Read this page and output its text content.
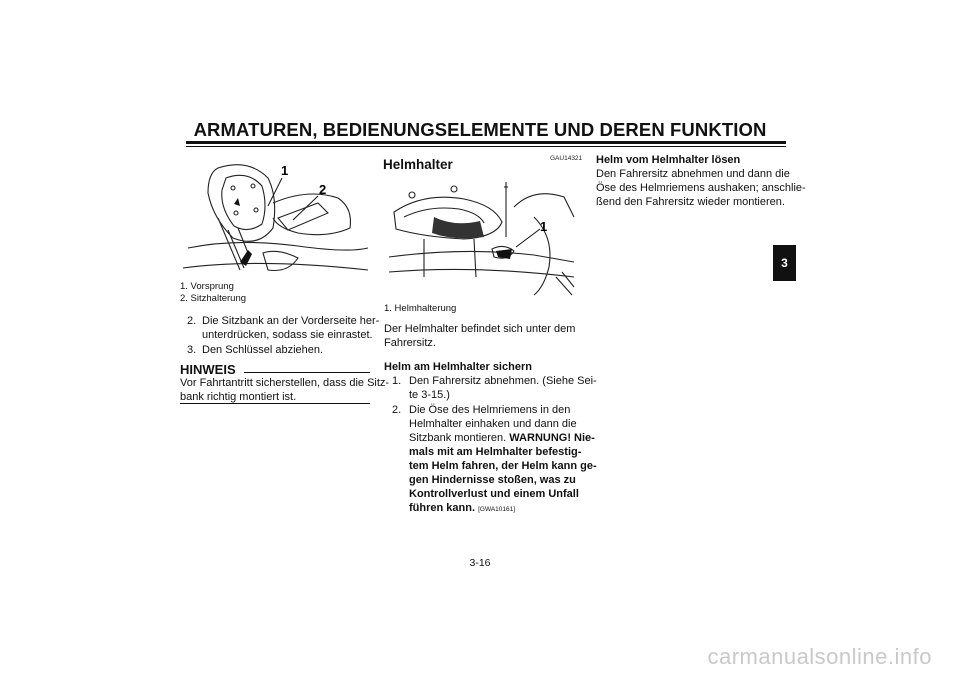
ARMATUREN, BEDIENUNGSELEMENTE UND DEREN FUNKTION
3
1
2
1. Vorsprung
2. Sitzhalterung
2. Die Sitzbank an der Vorderseite her-
unterdrücken, sodass sie einrastet.
3. Den Schlüssel abziehen.
HINWEIS
Vor Fahrtantritt sicherstellen, dass die Sitz-
bank richtig montiert ist.
GAU14321
Helmhalter
1
1. Helmhalterung
Der Helmhalter befindet sich unter dem
Fahrersitz.
Helm am Helmhalter sichern
1. Den Fahrersitz abnehmen. (Siehe Sei-
te 3-15.)
2. Die Öse des Helmriemens in den
Helmhalter einhaken und dann die
Sitzbank montieren. WARNUNG! Nie-
mals mit am Helmhalter befestig-
tem Helm fahren, der Helm kann ge-
gen Hindernisse stoßen, was zu
Kontrollverlust und einem Unfall
führen kann. [GWA10161]
Helm vom Helmhalter lösen
Den Fahrersitz abnehmen und dann die
Öse des Helmriemens aushaken; anschlie-
ßend den Fahrersitz wieder montieren.
3-16
carmanualsonline.info
